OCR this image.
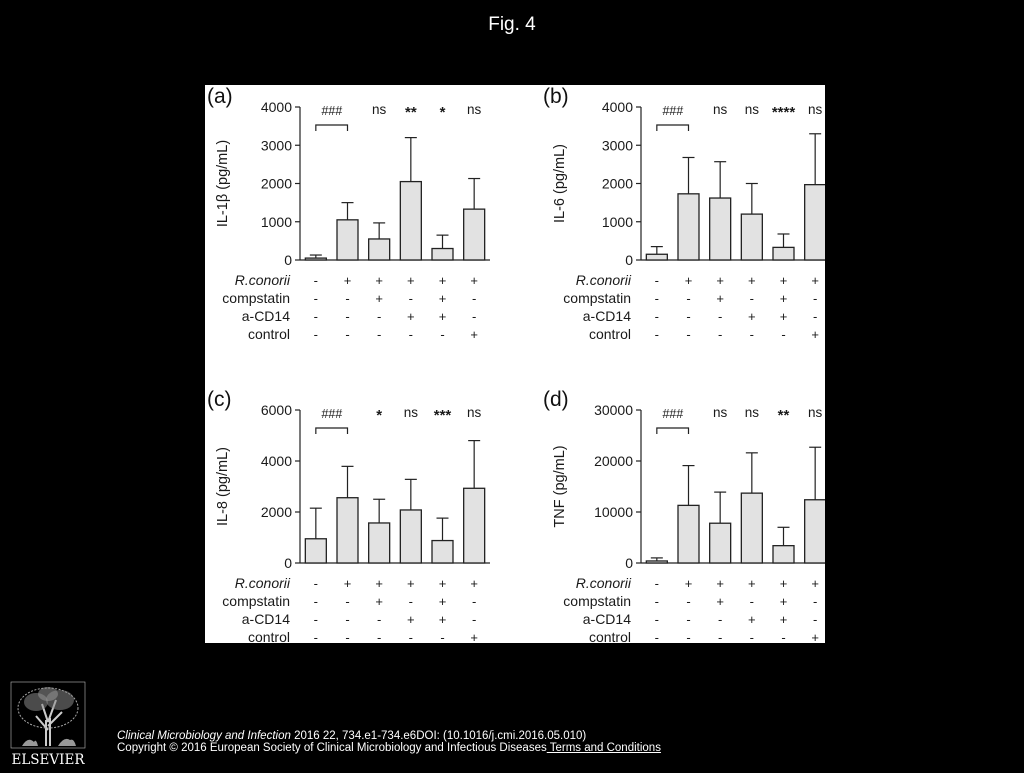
Fig. 4
(a)
0
1000
2000
3000
4000
IL-1β (pg/mL)
-
-
-
-
+
-
-
-
ns
+
+
-
-
**
+
-
+
-
*
+
+
+
-
ns
+
-
-
+
###
R.conorii
compstatin
a-CD14
control
(b)
0
1000
2000
3000
4000
IL-6 (pg/mL)
-
-
-
-
+
-
-
-
ns
+
+
-
-
ns
+
-
+
-
****
+
+
+
-
ns
+
-
-
+
###
R.conorii
compstatin
a-CD14
control
(c)
0
2000
4000
6000
IL-8 (pg/mL)
-
-
-
-
+
-
-
-
*
+
+
-
-
ns
+
-
+
-
***
+
+
+
-
ns
+
-
-
+
###
R.conorii
compstatin
a-CD14
control
(d)
0
10000
20000
30000
TNF (pg/mL)
-
-
-
-
+
-
-
-
ns
+
+
-
-
ns
+
-
+
-
**
+
+
+
-
ns
+
-
-
+
###
R.conorii
compstatin
a-CD14
control
ELSEVIER
Clinical Microbiology and Infection 2016 22, 734.e1-734.e6DOI: (10.1016/j.cmi.2016.05.010)
Copyright © 2016 European Society of Clinical Microbiology and Infectious Diseases Terms and Conditions
